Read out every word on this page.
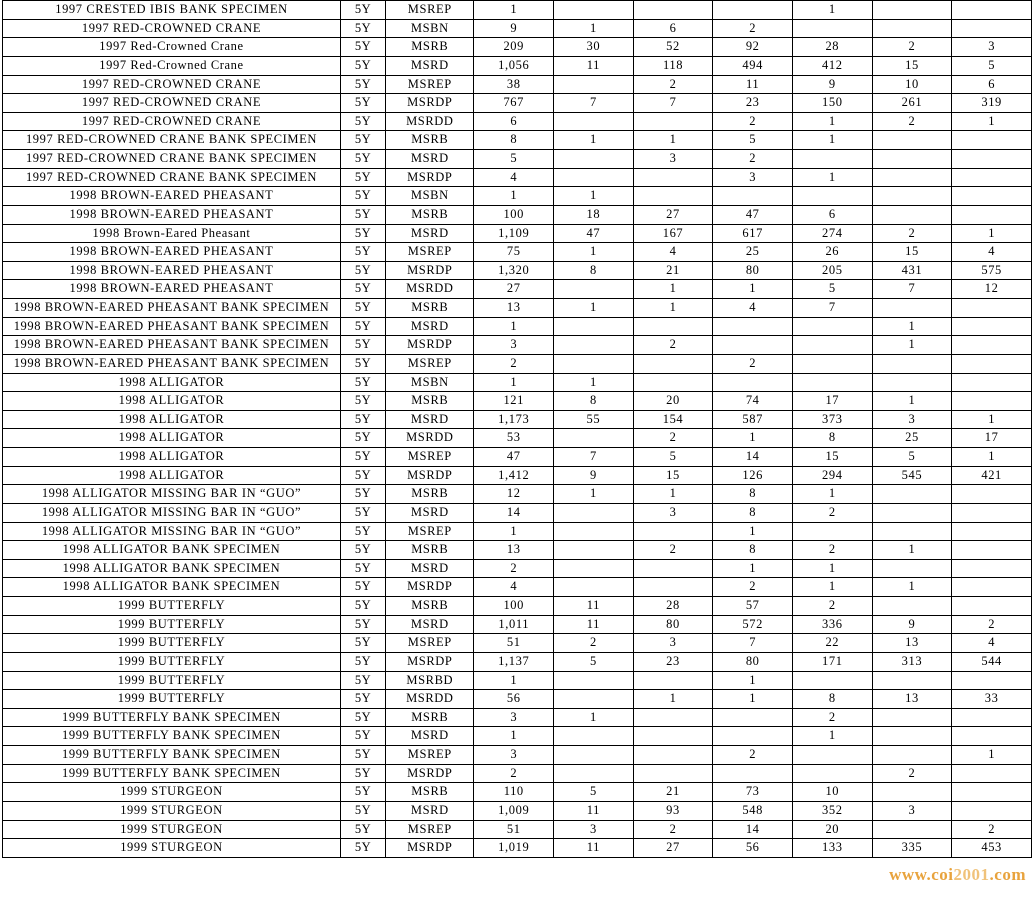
1997 CRESTED IBIS BANK SPECIMEN	5Y	MSREP	1				1		
1997 RED-CROWNED CRANE	5Y	MSBN	9	1	6	2			
1997 Red-Crowned Crane	5Y	MSRB	209	30	52	92	28	2	3
1997 Red-Crowned Crane	5Y	MSRD	1,056	11	118	494	412	15	5
1997 RED-CROWNED CRANE	5Y	MSREP	38		2	11	9	10	6
1997 RED-CROWNED CRANE	5Y	MSRDP	767	7	7	23	150	261	319
1997 RED-CROWNED CRANE	5Y	MSRDD	6			2	1	2	1
1997 RED-CROWNED CRANE BANK SPECIMEN	5Y	MSRB	8	1	1	5	1		
1997 RED-CROWNED CRANE BANK SPECIMEN	5Y	MSRD	5		3	2			
1997 RED-CROWNED CRANE BANK SPECIMEN	5Y	MSRDP	4			3	1		
1998 BROWN-EARED PHEASANT	5Y	MSBN	1	1					
1998 BROWN-EARED PHEASANT	5Y	MSRB	100	18	27	47	6		
1998 Brown-Eared Pheasant	5Y	MSRD	1,109	47	167	617	274	2	1
1998 BROWN-EARED PHEASANT	5Y	MSREP	75	1	4	25	26	15	4
1998 BROWN-EARED PHEASANT	5Y	MSRDP	1,320	8	21	80	205	431	575
1998 BROWN-EARED PHEASANT	5Y	MSRDD	27		1	1	5	7	12
1998 BROWN-EARED PHEASANT BANK SPECIMEN	5Y	MSRB	13	1	1	4	7		
1998 BROWN-EARED PHEASANT BANK SPECIMEN	5Y	MSRD	1					1	
1998 BROWN-EARED PHEASANT BANK SPECIMEN	5Y	MSRDP	3		2			1	
1998 BROWN-EARED PHEASANT BANK SPECIMEN	5Y	MSREP	2			2			
1998 ALLIGATOR	5Y	MSBN	1	1					
1998 ALLIGATOR	5Y	MSRB	121	8	20	74	17	1	
1998 ALLIGATOR	5Y	MSRD	1,173	55	154	587	373	3	1
1998 ALLIGATOR	5Y	MSRDD	53		2	1	8	25	17
1998 ALLIGATOR	5Y	MSREP	47	7	5	14	15	5	1
1998 ALLIGATOR	5Y	MSRDP	1,412	9	15	126	294	545	421
1998 ALLIGATOR MISSING BAR IN “GUO”	5Y	MSRB	12	1	1	8	1		
1998 ALLIGATOR MISSING BAR IN “GUO”	5Y	MSRD	14		3	8	2		
1998 ALLIGATOR MISSING BAR IN “GUO”	5Y	MSREP	1			1			
1998 ALLIGATOR BANK SPECIMEN	5Y	MSRB	13		2	8	2	1	
1998 ALLIGATOR BANK SPECIMEN	5Y	MSRD	2			1	1		
1998 ALLIGATOR BANK SPECIMEN	5Y	MSRDP	4			2	1	1	
1999 BUTTERFLY	5Y	MSRB	100	11	28	57	2		
1999 BUTTERFLY	5Y	MSRD	1,011	11	80	572	336	9	2
1999 BUTTERFLY	5Y	MSREP	51	2	3	7	22	13	4
1999 BUTTERFLY	5Y	MSRDP	1,137	5	23	80	171	313	544
1999 BUTTERFLY	5Y	MSRBD	1			1			
1999 BUTTERFLY	5Y	MSRDD	56		1	1	8	13	33
1999 BUTTERFLY BANK SPECIMEN	5Y	MSRB	3	1			2		
1999 BUTTERFLY BANK SPECIMEN	5Y	MSRD	1				1		
1999 BUTTERFLY BANK SPECIMEN	5Y	MSREP	3			2			1
1999 BUTTERFLY BANK SPECIMEN	5Y	MSRDP	2					2	
1999 STURGEON	5Y	MSRB	110	5	21	73	10		
1999 STURGEON	5Y	MSRD	1,009	11	93	548	352	3	
1999 STURGEON	5Y	MSREP	51	3	2	14	20		2
1999 STURGEON	5Y	MSRDP	1,019	11	27	56	133	335	453
www.coi2001.com
